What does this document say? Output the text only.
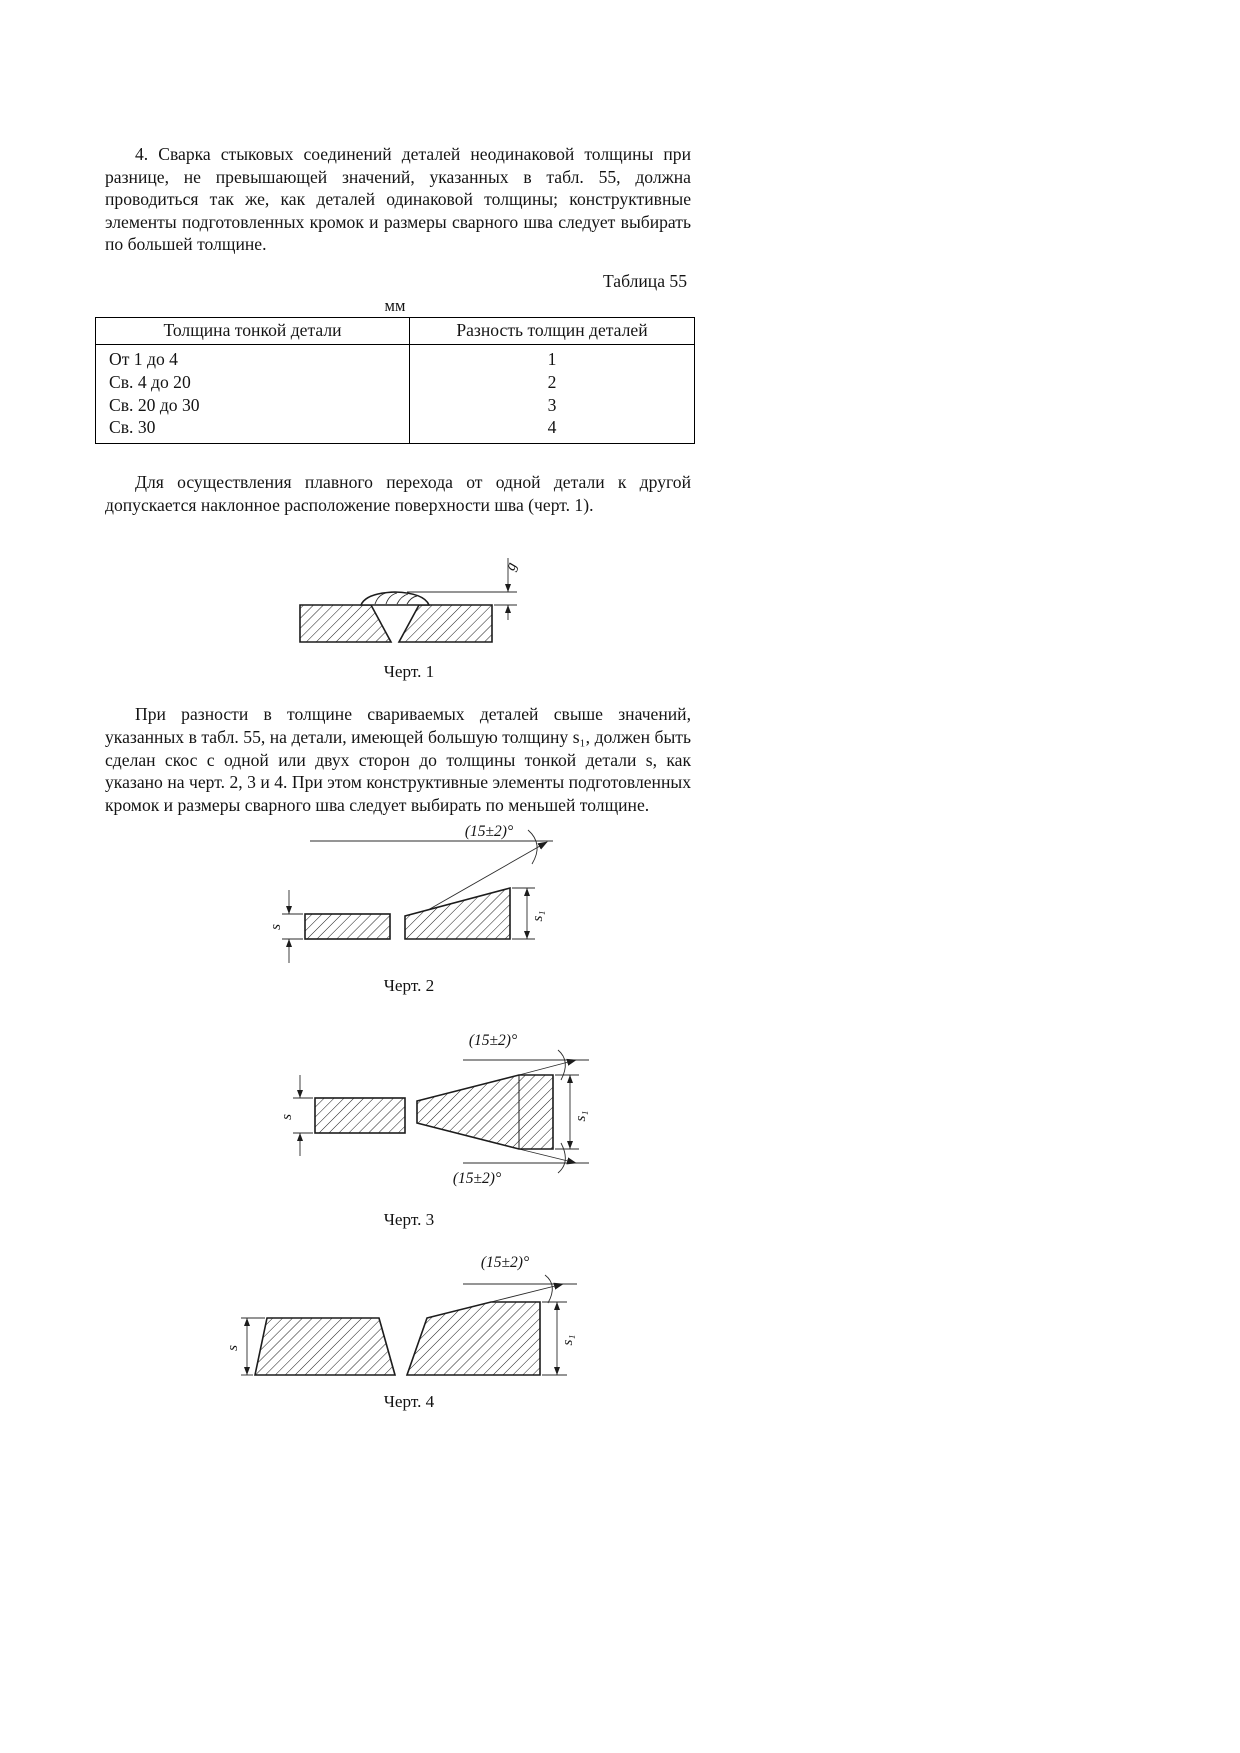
4. Сварка стыковых соединений деталей неодинаковой толщины при разнице, не превышающей значений, указанных в табл. 55, должна проводиться так же, как деталей одинаковой толщины; конструктивные элементы подготовленных кромок и размеры сварного шва следует выбирать по большей толщине.

Таблица 55
мм
Толщина тонкой детали	Разность толщин деталей
От 1 до 4	1
Св. 4 до 20	2
Св. 20 до 30	3
Св. 30	4

Для осуществления плавного перехода от одной детали к другой допускается наклонное расположение поверхности шва (черт. 1).

g
Черт. 1

При разности в толщине свариваемых деталей свыше значений, указанных в табл. 55, на детали, имеющей большую толщину s₁, должен быть сделан скос с одной или двух сторон до толщины тонкой детали s, как указано на черт. 2, 3 и 4. При этом конструктивные элементы подготовленных кромок и размеры сварного шва следует выбирать по меньшей толщине.

(15±2)°
s
s₁
Черт. 2
(15±2)°
(15±2)°
s	s₁
Черт. 3
(15±2)°
s
s₁
Черт. 4
